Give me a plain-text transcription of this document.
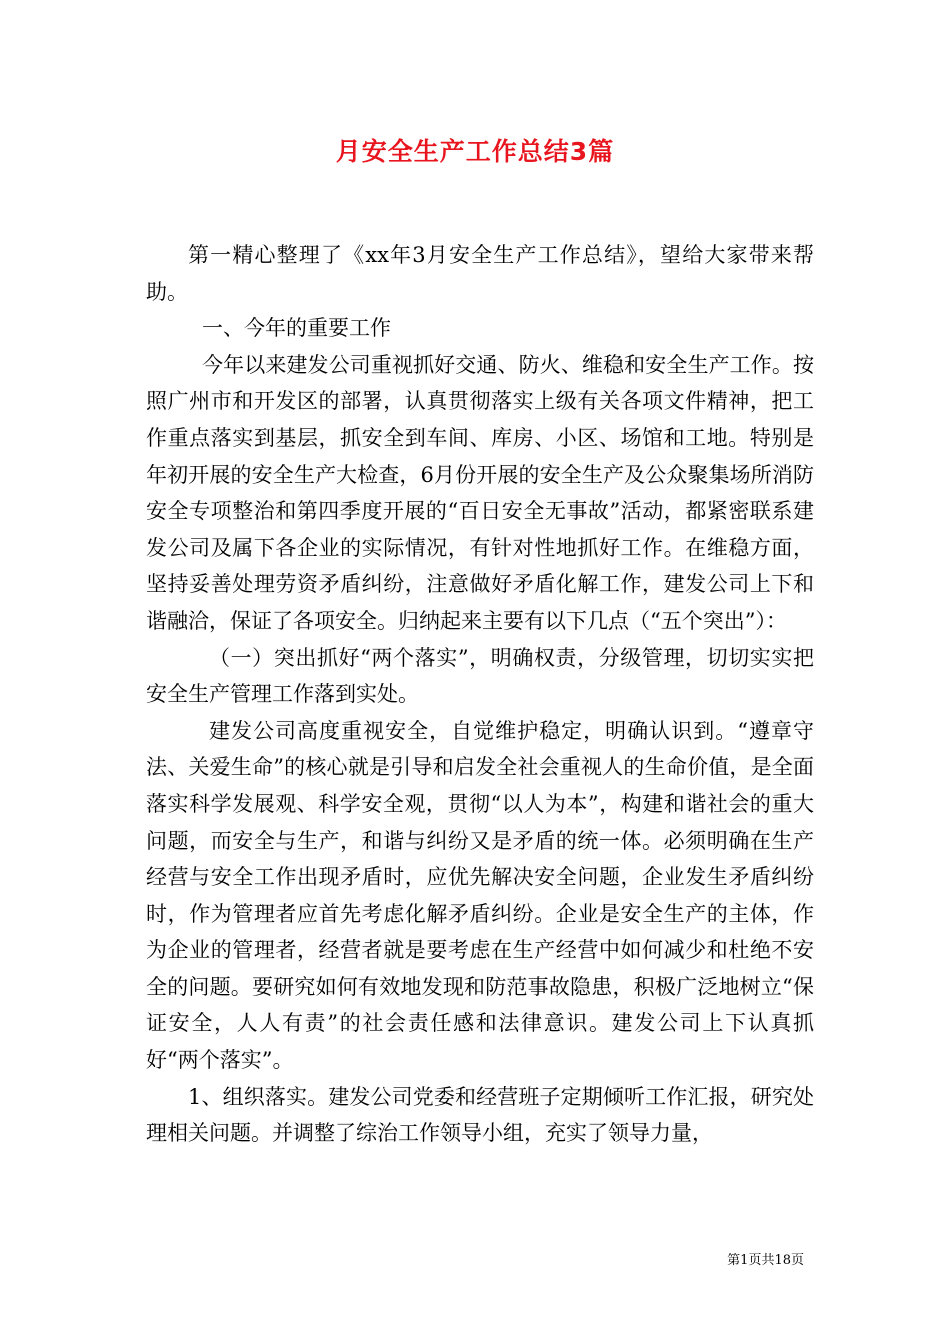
月安全生产工作总结3篇

第一精心整理了《xx年3月安全生产工作总结》，望给大家带来帮助。

一、今年的重要工作

今年以来建发公司重视抓好交通、防火、维稳和安全生产工作。按照广州市和开发区的部署，认真贯彻落实上级有关各项文件精神，把工作重点落实到基层，抓安全到车间、库房、小区、场馆和工地。特别是年初开展的安全生产大检查，6月份开展的安全生产及公众聚集场所消防安全专项整治和第四季度开展的“百日安全无事故”活动，都紧密联系建发公司及属下各企业的实际情况，有针对性地抓好工作。在维稳方面，坚持妥善处理劳资矛盾纠纷，注意做好矛盾化解工作，建发公司上下和谐融洽，保证了各项安全。归纳起来主要有以下几点（“五个突出”）：

（一）突出抓好“两个落实”，明确权责，分级管理，切切实实把安全生产管理工作落到实处。

建发公司高度重视安全，自觉维护稳定，明确认识到。“遵章守法、关爱生命”的核心就是引导和启发全社会重视人的生命价值，是全面落实科学发展观、科学安全观，贯彻“以人为本”，构建和谐社会的重大问题，而安全与生产，和谐与纠纷又是矛盾的统一体。必须明确在生产经营与安全工作出现矛盾时，应优先解决安全问题，企业发生矛盾纠纷时，作为管理者应首先考虑化解矛盾纠纷。企业是安全生产的主体，作为企业的管理者，经营者就是要考虑在生产经营中如何减少和杜绝不安全的问题。要研究如何有效地发现和防范事故隐患，积极广泛地树立“保证安全，人人有责”的社会责任感和法律意识。建发公司上下认真抓好“两个落实”。

1、组织落实。建发公司党委和经营班子定期倾听工作汇报，研究处理相关问题。并调整了综治工作领导小组，充实了领导力量，

第1页共18页
